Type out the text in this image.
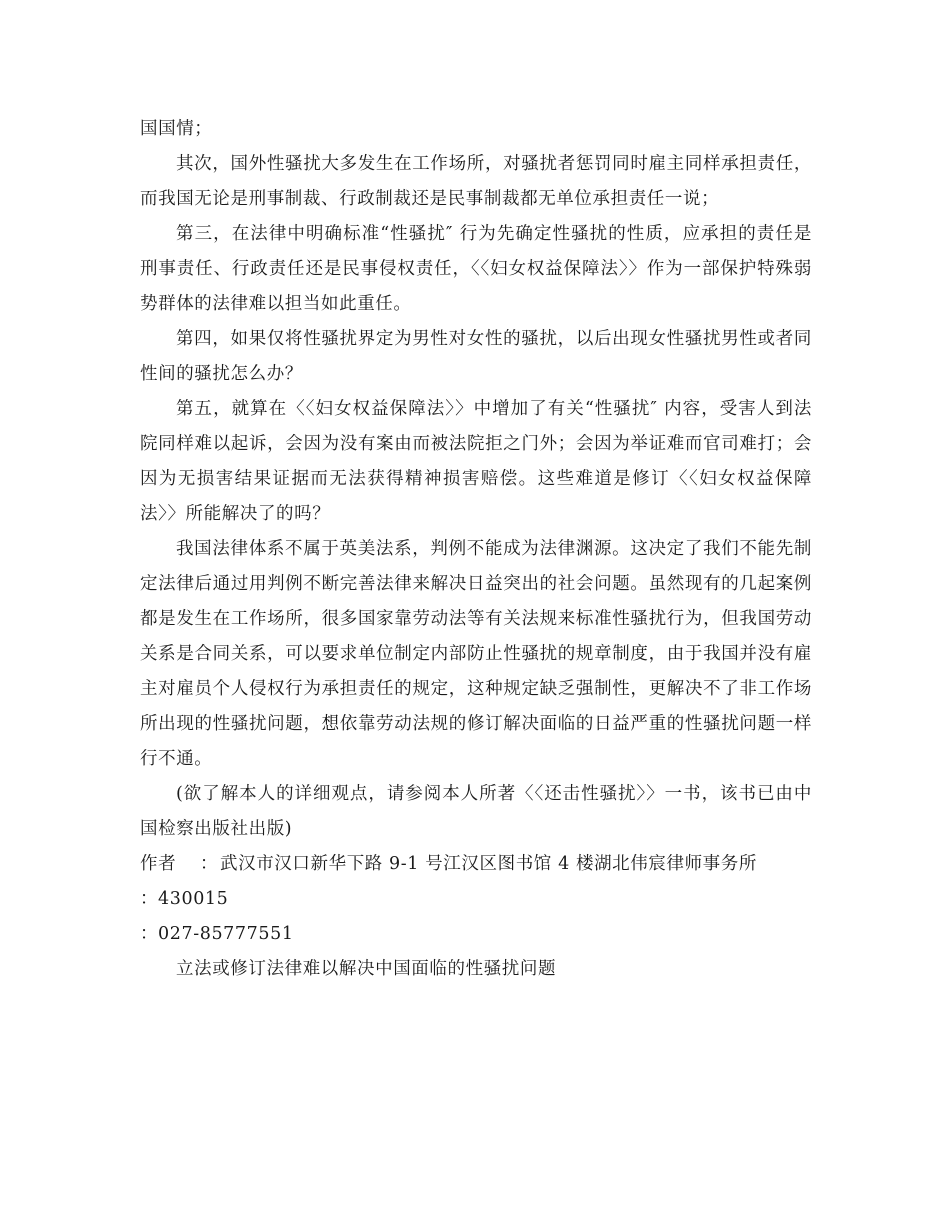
国国情；

其次，国外性骚扰大多发生在工作场所，对骚扰者惩罚同时雇主同样承担责任，而我国无论是刑事制裁、行政制裁还是民事制裁都无单位承担责任一说；

第三，在法律中明确标准“性骚扰″ 行为先确定性骚扰的性质，应承担的责任是刑事责任、行政责任还是民事侵权责任，〈〈妇女权益保障法〉〉作为一部保护特殊弱势群体的法律难以担当如此重任。

第四，如果仅将性骚扰界定为男性对女性的骚扰，以后出现女性骚扰男性或者同性间的骚扰怎么办？

第五，就算在〈〈妇女权益保障法〉〉中增加了有关“性骚扰″ 内容，受害人到法院同样难以起诉，会因为没有案由而被法院拒之门外；会因为举证难而官司难打；会因为无损害结果证据而无法获得精神损害赔偿。这些难道是修订〈〈妇女权益保障法〉〉所能解决了的吗？

我国法律体系不属于英美法系，判例不能成为法律渊源。这决定了我们不能先制定法律后通过用判例不断完善法律来解决日益突出的社会问题。虽然现有的几起案例都是发生在工作场所，很多国家靠劳动法等有关法规来标准性骚扰行为，但我国劳动关系是合同关系，可以要求单位制定内部防止性骚扰的规章制度，由于我国并没有雇主对雇员个人侵权行为承担责任的规定，这种规定缺乏强制性，更解决不了非工作场所出现的性骚扰问题，想依靠劳动法规的修订解决面临的日益严重的性骚扰问题一样行不通。

(欲了解本人的详细观点，请参阅本人所著〈〈还击性骚扰〉〉一书，该书已由中国检察出版社出版)

作者 ： 武汉市汉口新华下路 9-1 号江汉区图书馆 4 楼湖北伟宸律师事务所

：430015

：027-85777551

立法或修订法律难以解决中国面临的性骚扰问题
